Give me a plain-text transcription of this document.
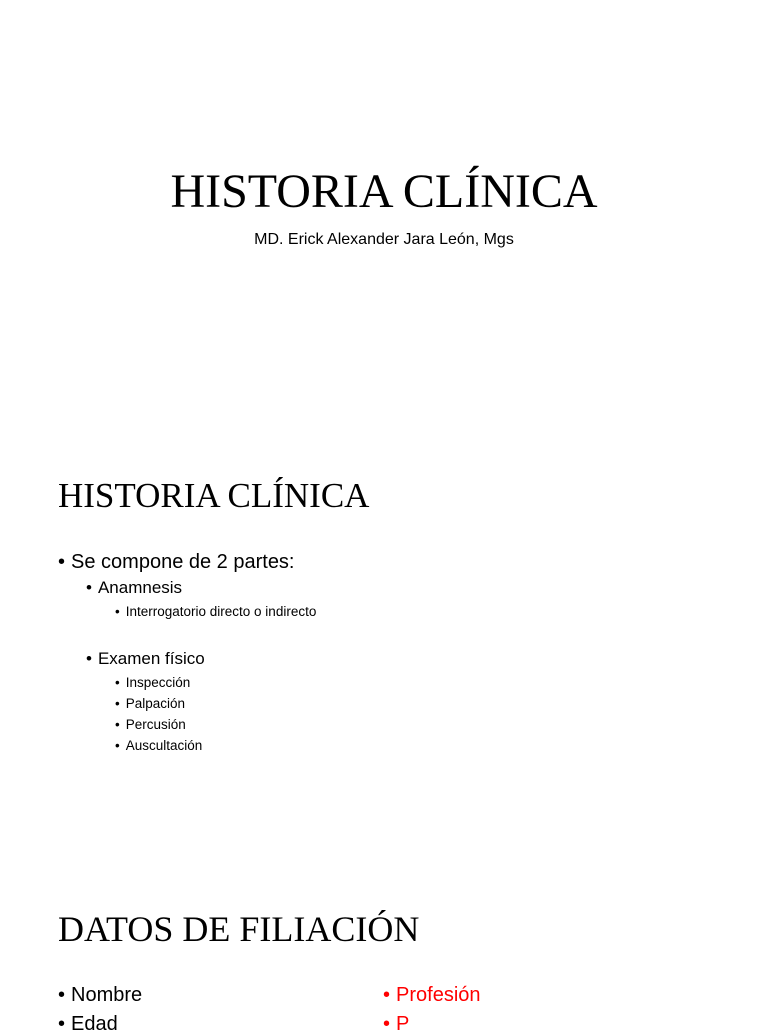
HISTORIA CLÍNICA
MD. Erick Alexander Jara León, Mgs
HISTORIA CLÍNICA
• Se compone de 2 partes:
• Anamnesis
• Interrogatorio directo o indirecto
• Examen físico
• Inspección
• Palpación
• Percusión
• Auscultación
DATOS DE FILIACIÓN
• Nombre
• Edad
• Profesión
• P
